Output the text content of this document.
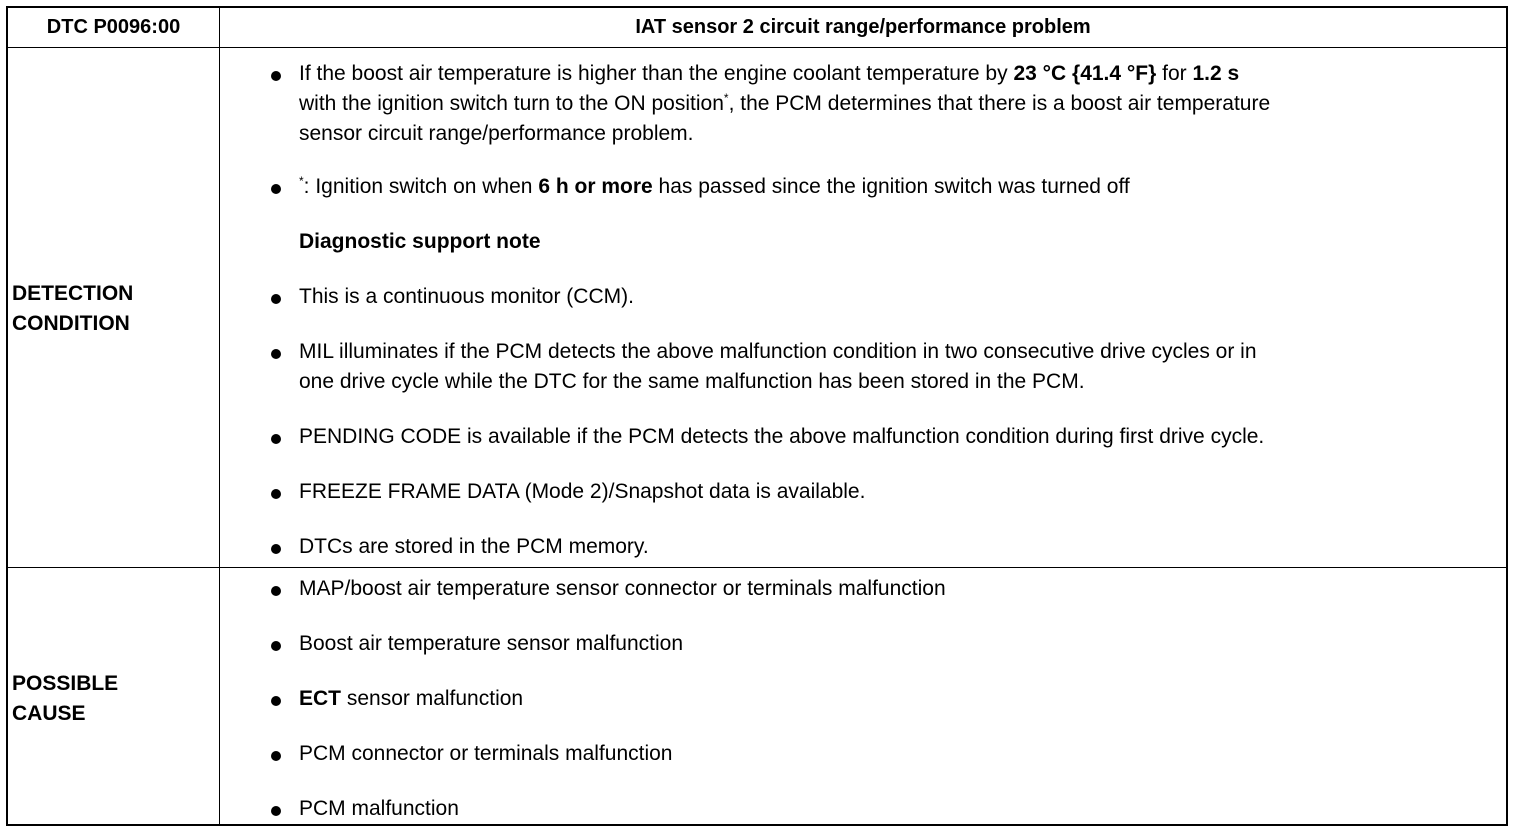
DTC P0096:00	IAT sensor 2 circuit range/performance problem
DETECTION
CONDITION
POSSIBLE
CAUSE
If the boost air temperature is higher than the engine coolant temperature by 23 °C {41.4 °F} for 1.2 s
with the ignition switch turn to the ON position*, the PCM determines that there is a boost air temperature
sensor circuit range/performance problem.
*: Ignition switch on when 6 h or more has passed since the ignition switch was turned off
Diagnostic support note
This is a continuous monitor (CCM).
MIL illuminates if the PCM detects the above malfunction condition in two consecutive drive cycles or in
one drive cycle while the DTC for the same malfunction has been stored in the PCM.
PENDING CODE is available if the PCM detects the above malfunction condition during first drive cycle.
FREEZE FRAME DATA (Mode 2)/Snapshot data is available.
DTCs are stored in the PCM memory.
MAP/boost air temperature sensor connector or terminals malfunction
Boost air temperature sensor malfunction
ECT sensor malfunction
PCM connector or terminals malfunction
PCM malfunction
